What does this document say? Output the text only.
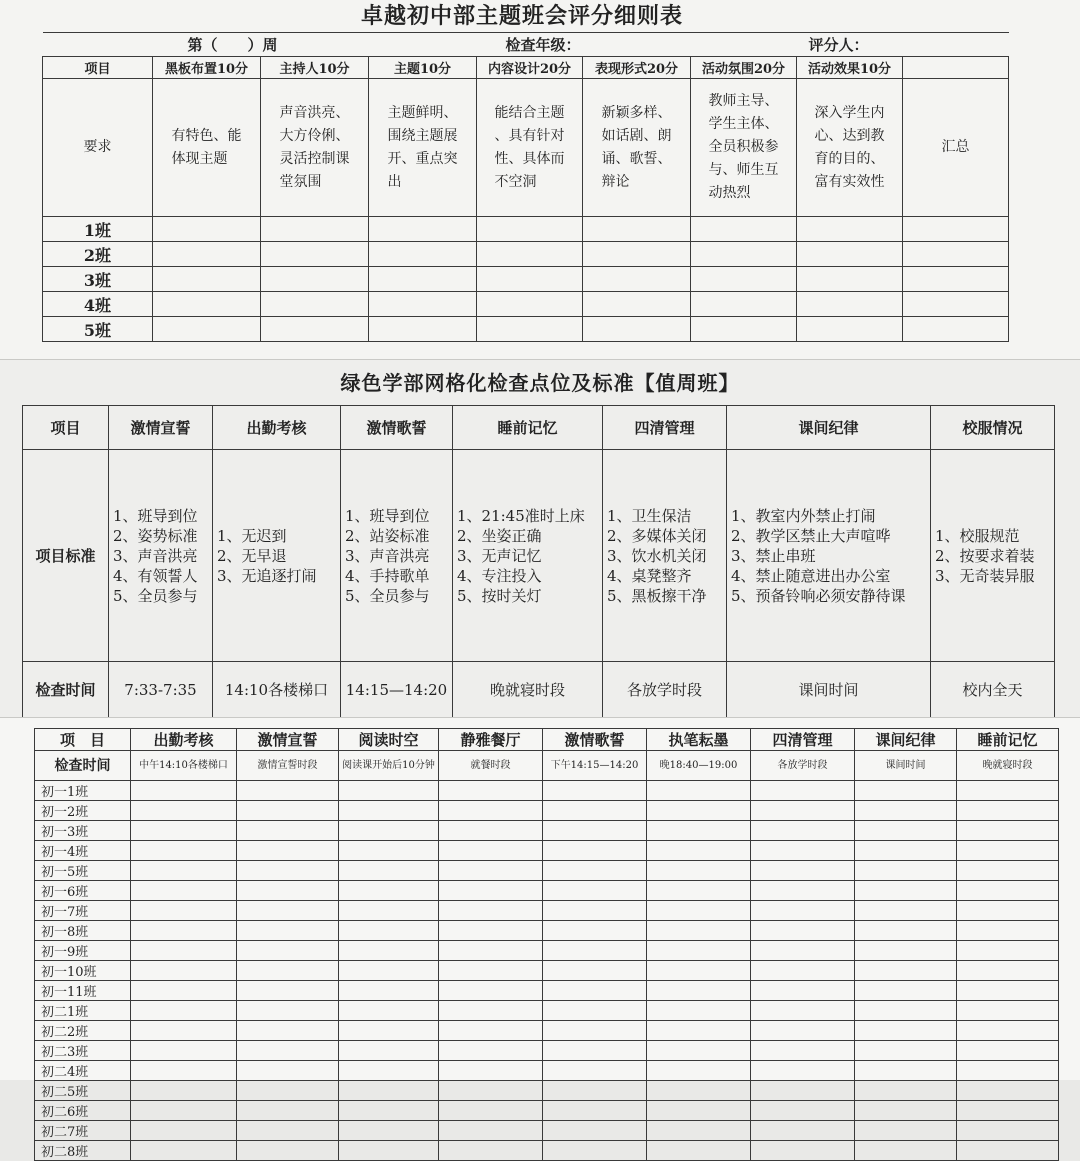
卓越初中部主题班会评分细则表
第（　　）周 检查年级： 评分人：								

项目	黑板布置10分	主持人10分	主题10分	内容设计20分	表现形式20分	活动氛围20分	活动效果10分	
要求	有特色、能
体现主题	声音洪亮、
大方伶俐、
灵活控制课
堂氛围	主题鲜明、
围绕主题展
开、重点突
出	能结合主题
、具有针对
性、具体而
不空洞	新颖多样、
如话剧、朗
诵、歌誓、
辩论	教师主导、
学生主体、
全员积极参
与、师生互
动热烈	深入学生内
心、达到教
育的目的、
富有实效性	汇总
1班								
2班								
3班								
4班								
5班								
绿色学部网格化检查点位及标准【值周班】
项目	激情宣誓	出勤考核	激情歌誓	睡前记忆	四清管理	课间纪律	校服情况
项目标准	1、班导到位
2、姿势标准
3、声音洪亮
4、有领誓人
5、全员参与	1、无迟到
2、无早退
3、无追逐打闹	1、班导到位
2、站姿标准
3、声音洪亮
4、手持歌单
5、全员参与	1、21:45准时上床
2、坐姿正确
3、无声记忆
4、专注投入
5、按时关灯	1、卫生保洁
2、多媒体关闭
3、饮水机关闭
4、桌凳整齐
5、黑板擦干净	1、教室内外禁止打闹
2、教学区禁止大声喧哗
3、禁止串班
4、禁止随意进出办公室
5、预备铃响必须安静待课	1、校服规范
2、按要求着装
3、无奇装异服

检查时间	7:33-7:35	14:10各楼梯口	14:15—14:20	晚就寝时段	各放学时段	课间时间	校内全天
项　目	出勤考核	激情宣誓	阅读时空	静雅餐厅	激情歌誓	执笔耘墨	四清管理	课间纪律	睡前记忆
检查时间	中午14:10各楼梯口	激情宣誓时段	阅读课开始后10分钟	就餐时段	下午14:15—14:20	晚18:40—19:00	各放学时段	课间时间	晚就寝时段
初一1班									
初一2班									
初一3班									
初一4班									
初一5班									
初一6班									
初一7班									
初一8班									
初一9班									
初一10班									
初一11班									
初二1班									
初二2班									
初二3班									
初二4班									
初二5班									
初二6班									
初二7班									
初二8班									
